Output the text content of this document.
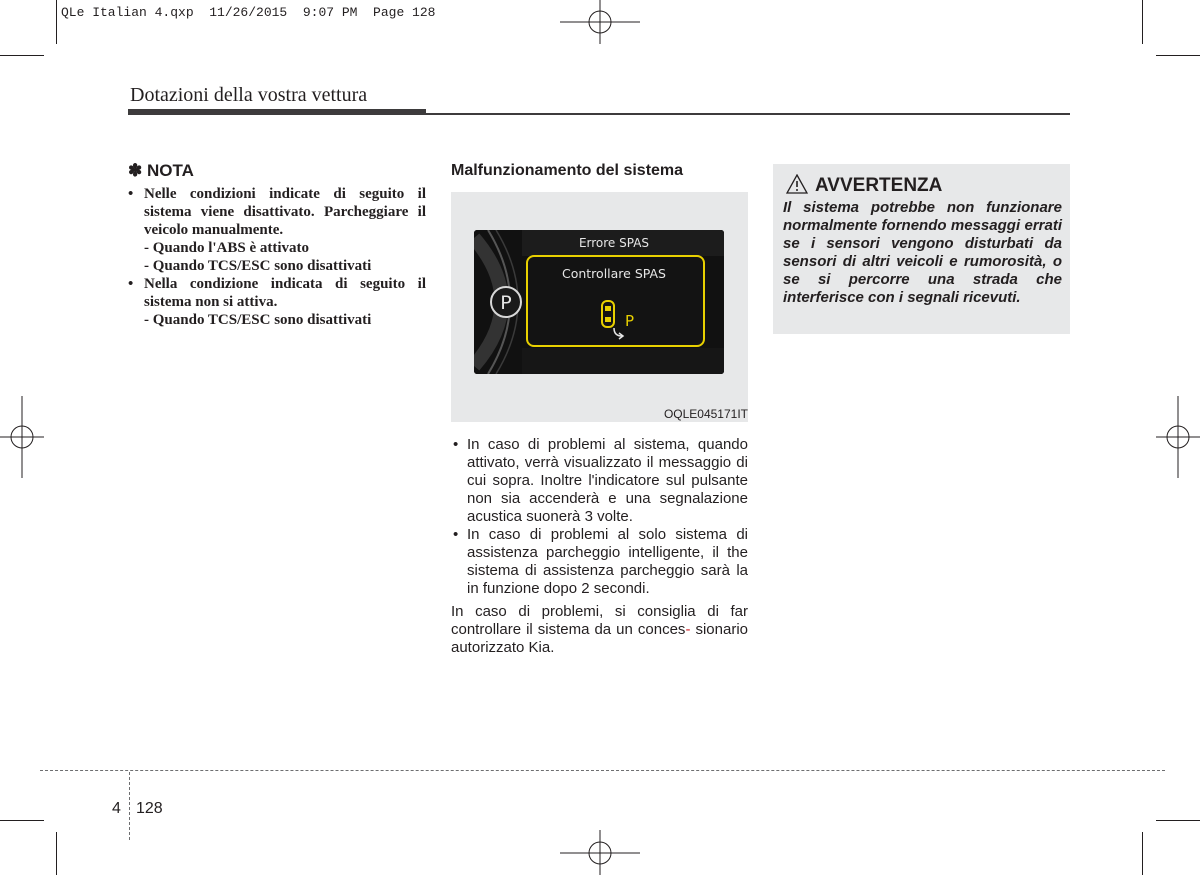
QLe Italian 4.qxp  11/26/2015  9:07 PM  Page 128
Dotazioni della vostra vettura
✽ NOTA
• Nelle condizioni indicate di seguito il sistema viene disattivato. Parcheggiare il veicolo manualmente.
- Quando l'ABS è attivato
- Quando TCS/ESC sono disattivati
• Nella condizione indicata di seguito il sistema non si attiva.
- Quando TCS/ESC sono disattivati
Malfunzionamento del sistema
P
Errore SPAS
Controllare SPAS
P
OQLE045171IT
• In caso di problemi al sistema, quando attivato, verrà visualizzato il messaggio di cui sopra. Inoltre l'indicatore sul pulsante non sia accenderà e una segnalazione acustica suonerà 3 volte.
• In caso di problemi al solo sistema di assistenza parcheggio intelligente, il the sistema di assistenza parcheggio sarà la in funzione dopo 2 secondi.
In caso di problemi, si consiglia di far controllare il sistema da un conces- sionario autorizzato Kia.
AVVERTENZA
Il sistema potrebbe non funzionare normalmente fornendo messaggi errati se i sensori vengono disturbati da sensori di altri veicoli e rumorosità, o se si percorre una strada che interferisce con i segnali ricevuti.
4 128
